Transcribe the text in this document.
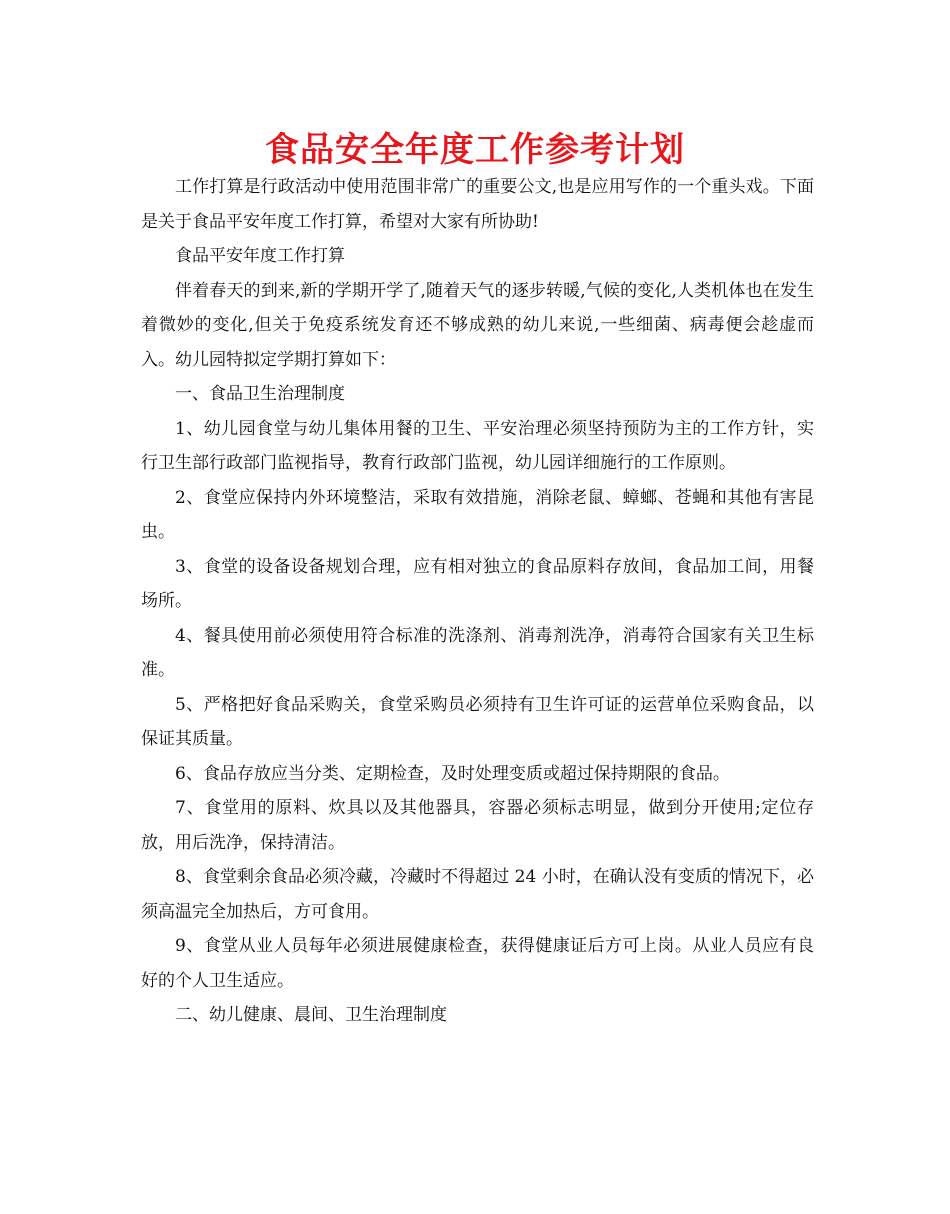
食品安全年度工作参考计划

工作打算是行政活动中使用范围非常广的重要公文,也是应用写作的一个重头戏。下面是关于食品平安年度工作打算，希望对大家有所协助!

食品平安年度工作打算

伴着春天的到来,新的学期开学了,随着天气的逐步转暖,气候的变化,人类机体也在发生着微妙的变化,但关于免疫系统发育还不够成熟的幼儿来说,一些细菌、病毒便会趁虚而入。幼儿园特拟定学期打算如下：

一、食品卫生治理制度

1、幼儿园食堂与幼儿集体用餐的卫生、平安治理必须坚持预防为主的工作方针，实行卫生部行政部门监视指导，教育行政部门监视，幼儿园详细施行的工作原则。

2、食堂应保持内外环境整洁，采取有效措施，消除老鼠、蟑螂、苍蝇和其他有害昆虫。

3、食堂的设备设备规划合理，应有相对独立的食品原料存放间，食品加工间，用餐场所。

4、餐具使用前必须使用符合标准的洗涤剂、消毒剂洗净，消毒符合国家有关卫生标准。

5、严格把好食品采购关，食堂采购员必须持有卫生许可证的运营单位采购食品，以保证其质量。

6、食品存放应当分类、定期检查，及时处理变质或超过保持期限的食品。

7、食堂用的原料、炊具以及其他器具，容器必须标志明显，做到分开使用;定位存放，用后洗净，保持清洁。

8、食堂剩余食品必须冷藏，冷藏时不得超过 24 小时，在确认没有变质的情况下，必须高温完全加热后，方可食用。

9、食堂从业人员每年必须进展健康检查，获得健康证后方可上岗。从业人员应有良好的个人卫生适应。

二、幼儿健康、晨间、卫生治理制度
